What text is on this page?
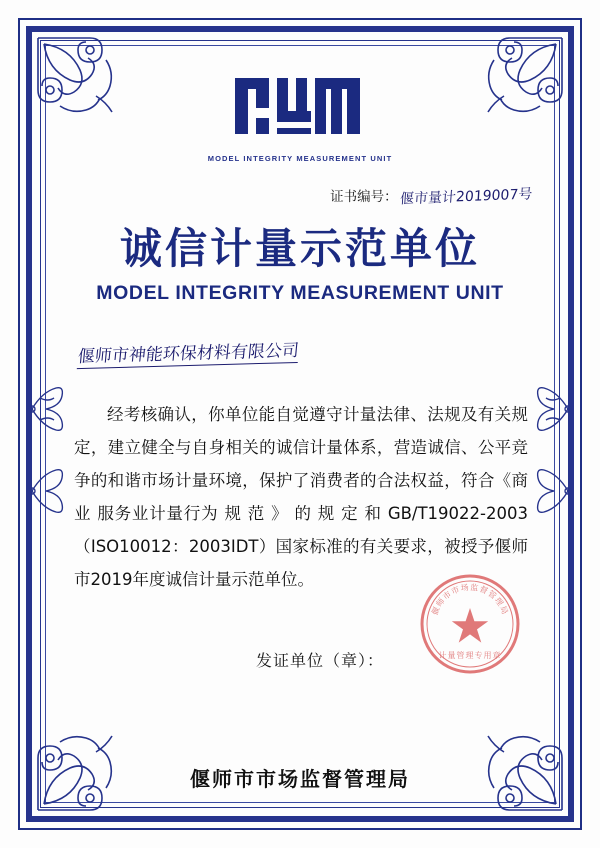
MODEL INTEGRITY MEASUREMENT UNIT
证书编号：偃市量计2019007号
诚信计量示范单位
MODEL INTEGRITY MEASUREMENT UNIT
偃师市神能环保材料有限公司

经考核确认，你单位能自觉遵守计量法律、法规及有关规定，建立健全与自身相关的诚信计量体系，营造诚信、公平竞争的和谐市场计量环境，保护了消费者的合法权益，符合《商业 服务业计量行为 规 范 》 的 规 定 和 GB/T19022-2003（ISO10012：2003IDT）国家标准的有关要求，被授予偃师市2019年度诚信计量示范单位。

发证单位（章）：
偃师市市场监督管理局
计量管理专用章
偃师市市场监督管理局
